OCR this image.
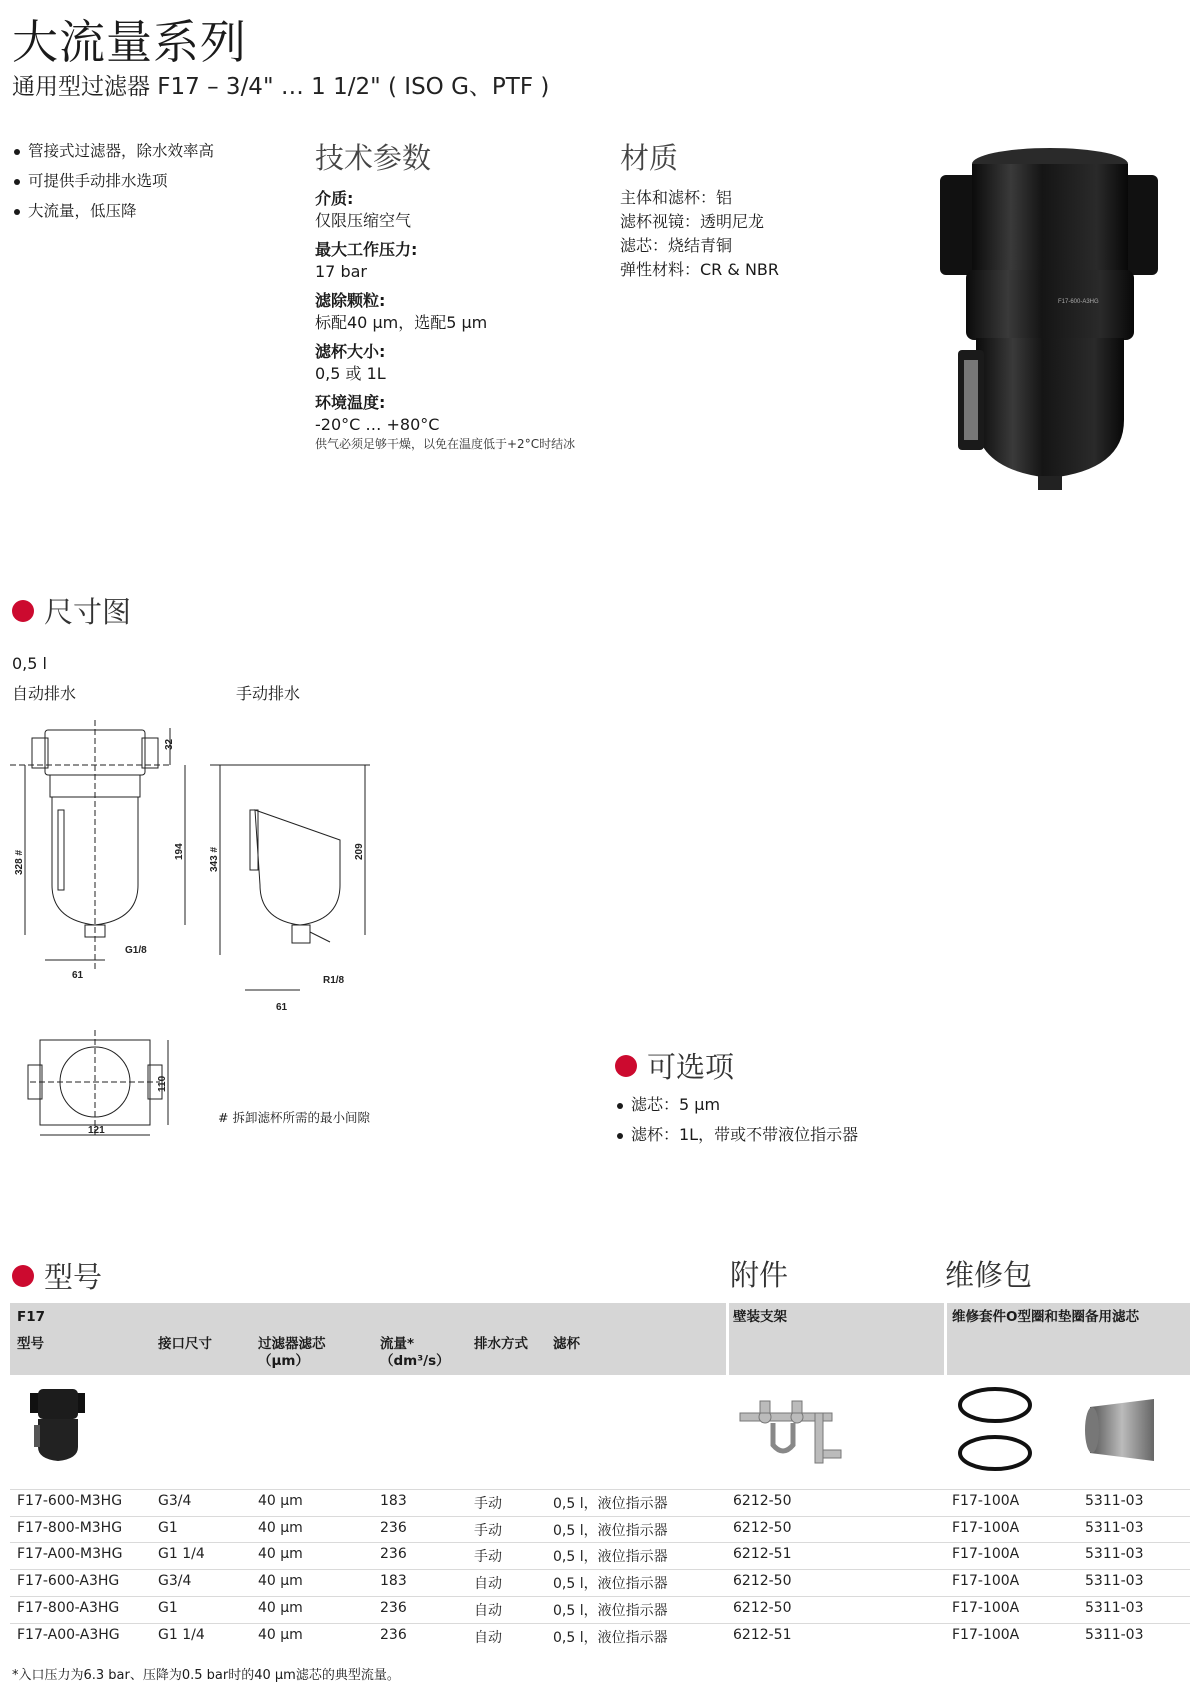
大流量系列
通用型过滤器 F17 – 3/4" … 1 1/2" ( ISO G、PTF )
管接式过滤器，除水效率高
可提供手动排水选项
大流量，低压降
技术参数
介质:
仅限压缩空气
最大工作压力:
17 bar
滤除颗粒:
标配40 µm，选配5 µm
滤杯大小:
0,5 或 1L
环境温度:
-20°C … +80°C
供气必须足够干燥，以免在温度低于+2°C时结冰
材质
主体和滤杯：铝
滤杯视镜：透明尼龙
滤芯：烧结青铜
弹性材料：CR & NBR
F17-600-A3HG
尺寸图
0,5 l
自动排水	手动排水
32
328 #	194 343 #	209
G1/8
R1/8
61
61
110
121
# 拆卸滤杯所需的最小间隙
可选项
滤芯：5 µm
滤杯：1L，带或不带液位指示器
型号	附件	维修包
F17
型号	接口尺寸	过滤器滤芯
（µm）
流量*
（dm³/s）
排水方式 滤杯
壁装支架	维修套件O型圈和垫圈 备用滤芯
F17-600-M3HG	G3/4	40 µm	183	手动	0,5 l，液位指示器	6212-50	F17-100A	5311-03
F17-800-M3HG	G1	40 µm	236	手动	0,5 l，液位指示器	6212-50	F17-100A	5311-03
F17-A00-M3HG	G1 1/4	40 µm	236	手动	0,5 l，液位指示器	6212-51	F17-100A	5311-03
F17-600-A3HG	G3/4	40 µm	183	自动	0,5 l，液位指示器	6212-50	F17-100A	5311-03
F17-800-A3HG	G1	40 µm	236	自动	0,5 l，液位指示器	6212-50	F17-100A	5311-03
F17-A00-A3HG	G1 1/4	40 µm	236	自动	0,5 l，液位指示器	6212-51	F17-100A	5311-03
*入口压力为6.3 bar、压降为0.5 bar时的40 µm滤芯的典型流量。
